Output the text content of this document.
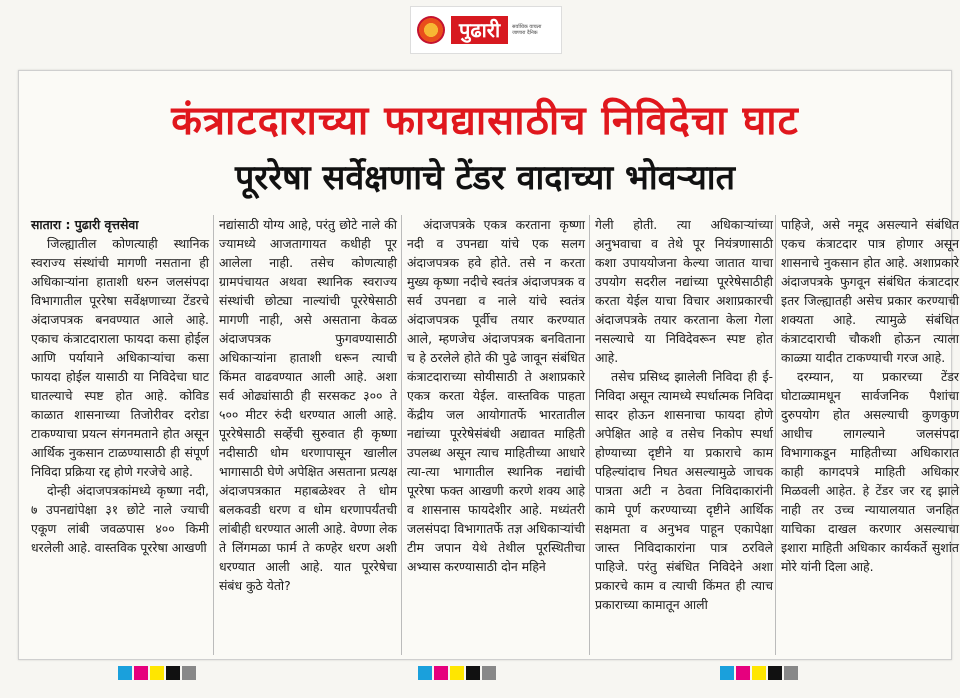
पुढारी	सर्वाधिक वाचला जाणारा दैनिक
कंत्राटदाराच्या फायद्यासाठीच निविदेचा घाट
पूररेषा सर्वेक्षणाचे टेंडर वादाच्या भोवऱ्यात

सातारा : पुढारी वृत्तसेवा

जिल्ह्यातील कोणत्याही स्थानिक स्वराज्य संस्थांची मागणी नसताना ही अधिकाऱ्यांना हाताशी धरुन जलसंपदा विभागातील पूररेषा सर्वेक्षणाच्या टेंडरचे अंदाजपत्रक बनवण्यात आले आहे. एकाच कंत्राटदाराला फायदा कसा होईल आणि पर्यायाने अधिकाऱ्यांचा कसा फायदा होईल यासाठी या निविदेचा घाट घातल्याचे स्पष्ट होत आहे. कोविड काळात शासनाच्या तिजोरीवर दरोडा टाकण्याचा प्रयत्न संगनमताने होत असून आर्थिक नुकसान टाळण्यासाठी ही संपूर्ण निविदा प्रक्रिया रद्द होणे गरजेचे आहे.

दोन्ही अंदाजपत्रकांमध्ये कृष्णा नदी, ७ उपनद्यांपेक्षा ३१ छोटे नाले ज्याची एकूण लांबी जवळपास ४०० किमी धरलेली आहे. वास्तविक पूररेषा आखणी

नद्यांसाठी योग्य आहे, परंतु छोटे नाले की ज्यामध्ये आजतागायत कधीही पूर आलेला नाही. तसेच कोणत्याही ग्रामपंचायत अथवा स्थानिक स्वराज्य संस्थांची छोट्या नाल्यांची पूररेषेसाठी मागणी नाही, असे असताना केवळ अंदाजपत्रक फुगवण्यासाठी अधिकाऱ्यांना हाताशी धरून त्याची किंमत वाढवण्यात आली आहे. अशा सर्व ओढ्यांसाठी ही सरसकट ३०० ते ५०० मीटर रुंदी धरण्यात आली आहे. पूररेषेसाठी सर्व्हेची सुरुवात ही कृष्णा नदीसाठी धोम धरणापासून खालील भागासाठी घेणे अपेक्षित असताना प्रत्यक्ष अंदाजपत्रकात महाबळेश्वर ते धोम बलकवडी धरण व धोम धरणापर्यंतची लांबीही धरण्यात आली आहे. वेण्णा लेक ते लिंगमळा फार्म ते कण्हेर धरण अशी धरण्यात आली आहे. यात पूररेषेचा संबंध कुठे येतो?

अंदाजपत्रके एकत्र करताना कृष्णा नदी व उपनद्या यांचे एक सलग अंदाजपत्रक हवे होते. तसे न करता मुख्य कृष्णा नदीचे स्वतंत्र अंदाजपत्रक व सर्व उपनद्या व नाले यांचे स्वतंत्र अंदाजपत्रक पूर्वीच तयार करण्यात आले, म्हणजेच अंदाजपत्रक बनविताना च हे ठरलेले होते की पुढे जावून संबंधित कंत्राटदाराच्या सोयीसाठी ते अशाप्रकारे एकत्र करता येईल. वास्तविक पाहता केंद्रीय जल आयोगातर्फे भारतातील नद्यांच्या पूररेषेसंबंधी अद्यावत माहिती उपलब्ध असून त्याच माहितीच्या आधारे त्या-त्या भागातील स्थानिक नद्यांची पूररेषा फक्त आखणी करणे शक्य आहे व शासनास फायदेशीर आहे. मध्यंतरी जलसंपदा विभागातर्फे तज्ञ अधिकाऱ्यांची टीम जपान येथे तेथील पूरस्थितीचा अभ्यास करण्यासाठी दोन महिने

गेली होती. त्या अधिकाऱ्यांच्या अनुभवाचा व तेथे पूर नियंत्रणासाठी कशा उपाययोजना केल्या जातात याचा उपयोग सदरील नद्यांच्या पूररेषेसाठीही करता येईल याचा विचार अशाप्रकारची अंदाजपत्रके तयार करताना केला गेला नसल्याचे या निविदेवरून स्पष्ट होत आहे.

तसेच प्रसिध्द झालेली निविदा ही ई-निविदा असून त्यामध्ये स्पर्धात्मक निविदा सादर होऊन शासनाचा फायदा होणे अपेक्षित आहे व तसेच निकोप स्पर्धा होण्याच्या दृष्टीने या प्रकाराचे काम पहिल्यांदाच निघत असल्यामुळे जाचक पात्रता अटी न ठेवता निविदाकारांनी कामे पूर्ण करण्याच्या दृष्टीने आर्थिक सक्षमता व अनुभव पाहून एकापेक्षा जास्त निविदाकारांना पात्र ठरविले पाहिजे. परंतु संबंधित निविदेने अशा प्रकारचे काम व त्याची किंमत ही त्याच प्रकाराच्या कामातून आली

पाहिजे, असे नमूद असल्याने संबंधित एकच कंत्राटदार पात्र होणार असून शासनाचे नुकसान होत आहे. अशाप्रकारे अंदाजपत्रके फुगवून संबंधित कंत्राटदार इतर जिल्ह्यातही असेच प्रकार करण्याची शक्यता आहे. त्यामुळे संबंधित कंत्राटदाराची चौकशी होऊन त्याला काळ्या यादीत टाकण्याची गरज आहे.

दरम्यान, या प्रकारच्या टेंडर घोटाळ्यामधून सार्वजनिक पैशांचा दुरुपयोग होत असल्याची कुणकुण आधीच लागल्याने जलसंपदा विभागाकडून माहितीच्या अधिकारात काही कागदपत्रे माहिती अधिकार मिळवली आहेत. हे टेंडर जर रद्द झाले नाही तर उच्च न्यायालयात जनहित याचिका दाखल करणार असल्याचा इशारा माहिती अधिकार कार्यकर्ते सुशांत मोरे यांनी दिला आहे.
